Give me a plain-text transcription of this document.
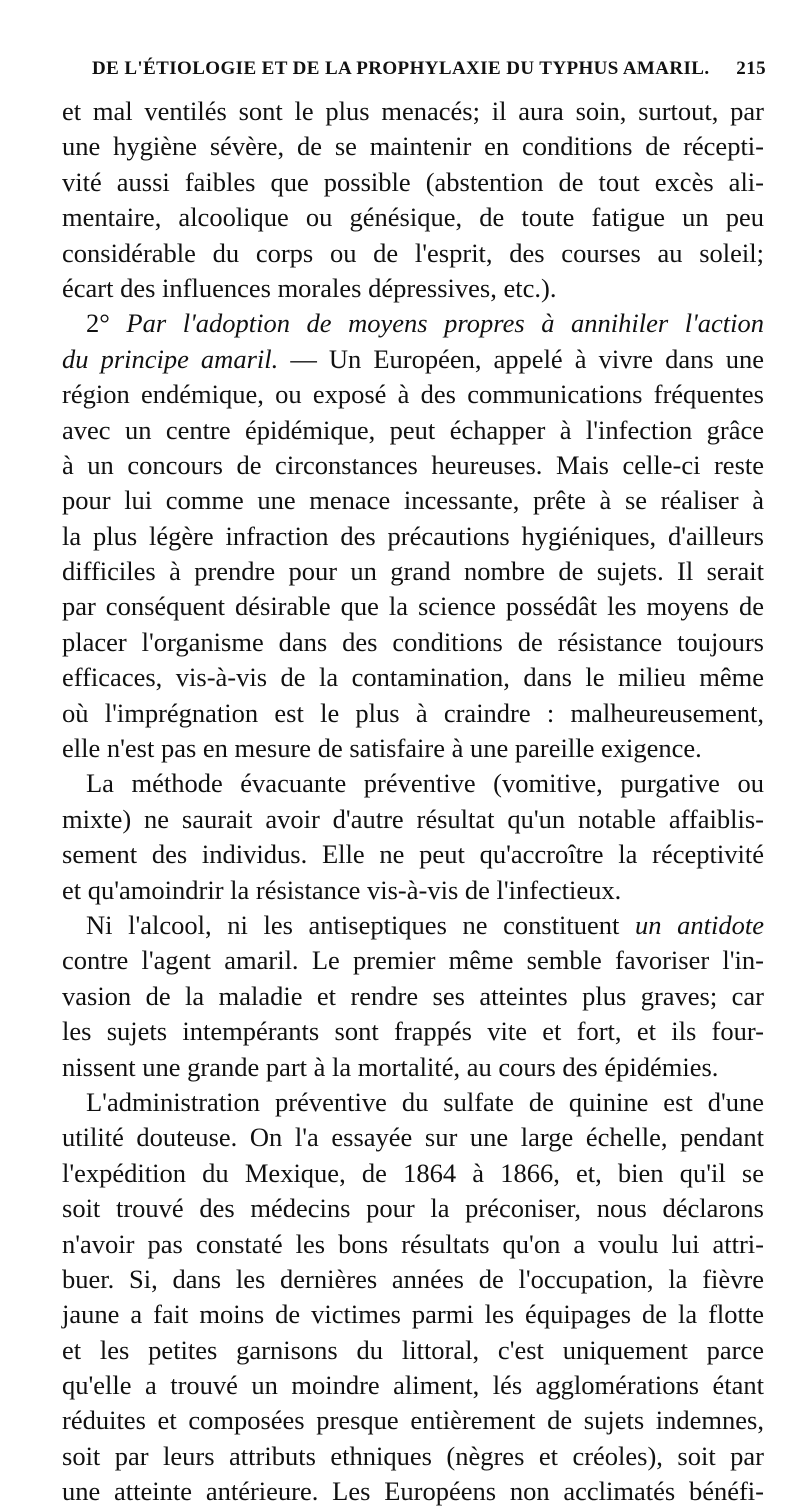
DE L'ÉTIOLOGIE ET DE LA PROPHYLAXIE DU TYPHUS AMARIL. 215
et mal ventilés sont le plus menacés; il aura soin, surtout, par
une hygiène sévère, de se maintenir en conditions de récepti-
vité aussi faibles que possible (abstention de tout excès ali-
mentaire, alcoolique ou génésique, de toute fatigue un peu
considérable du corps ou de l'esprit, des courses au soleil;
écart des influences morales dépressives, etc.).
2° Par l'adoption de moyens propres à annihiler l'action
du principe amaril. — Un Européen, appelé à vivre dans une
région endémique, ou exposé à des communications fréquentes
avec un centre épidémique, peut échapper à l'infection grâce
à un concours de circonstances heureuses. Mais celle-ci reste
pour lui comme une menace incessante, prête à se réaliser à
la plus légère infraction des précautions hygiéniques, d'ailleurs
difficiles à prendre pour un grand nombre de sujets. Il serait
par conséquent désirable que la science possédât les moyens de
placer l'organisme dans des conditions de résistance toujours
efficaces, vis-à-vis de la contamination, dans le milieu même
où l'imprégnation est le plus à craindre : malheureusement,
elle n'est pas en mesure de satisfaire à une pareille exigence.
La méthode évacuante préventive (vomitive, purgative ou
mixte) ne saurait avoir d'autre résultat qu'un notable affaiblis-
sement des individus. Elle ne peut qu'accroître la réceptivité
et qu'amoindrir la résistance vis-à-vis de l'infectieux.
Ni l'alcool, ni les antiseptiques ne constituent un antidote
contre l'agent amaril. Le premier même semble favoriser l'in-
vasion de la maladie et rendre ses atteintes plus graves; car
les sujets intempérants sont frappés vite et fort, et ils four-
nissent une grande part à la mortalité, au cours des épidémies.
L'administration préventive du sulfate de quinine est d'une
utilité douteuse. On l'a essayée sur une large échelle, pendant
l'expédition du Mexique, de 1864 à 1866, et, bien qu'il se
soit trouvé des médecins pour la préconiser, nous déclarons
n'avoir pas constaté les bons résultats qu'on a voulu lui attri-
buer. Si, dans les dernières années de l'occupation, la fièvre
jaune a fait moins de victimes parmi les équipages de la flotte
et les petites garnisons du littoral, c'est uniquement parce
qu'elle a trouvé un moindre aliment, lés agglomérations étant
réduites et composées presque entièrement de sujets indemnes,
soit par leurs attributs ethniques (nègres et créoles), soit par
une atteinte antérieure. Les Européens non acclimatés bénéfi-
